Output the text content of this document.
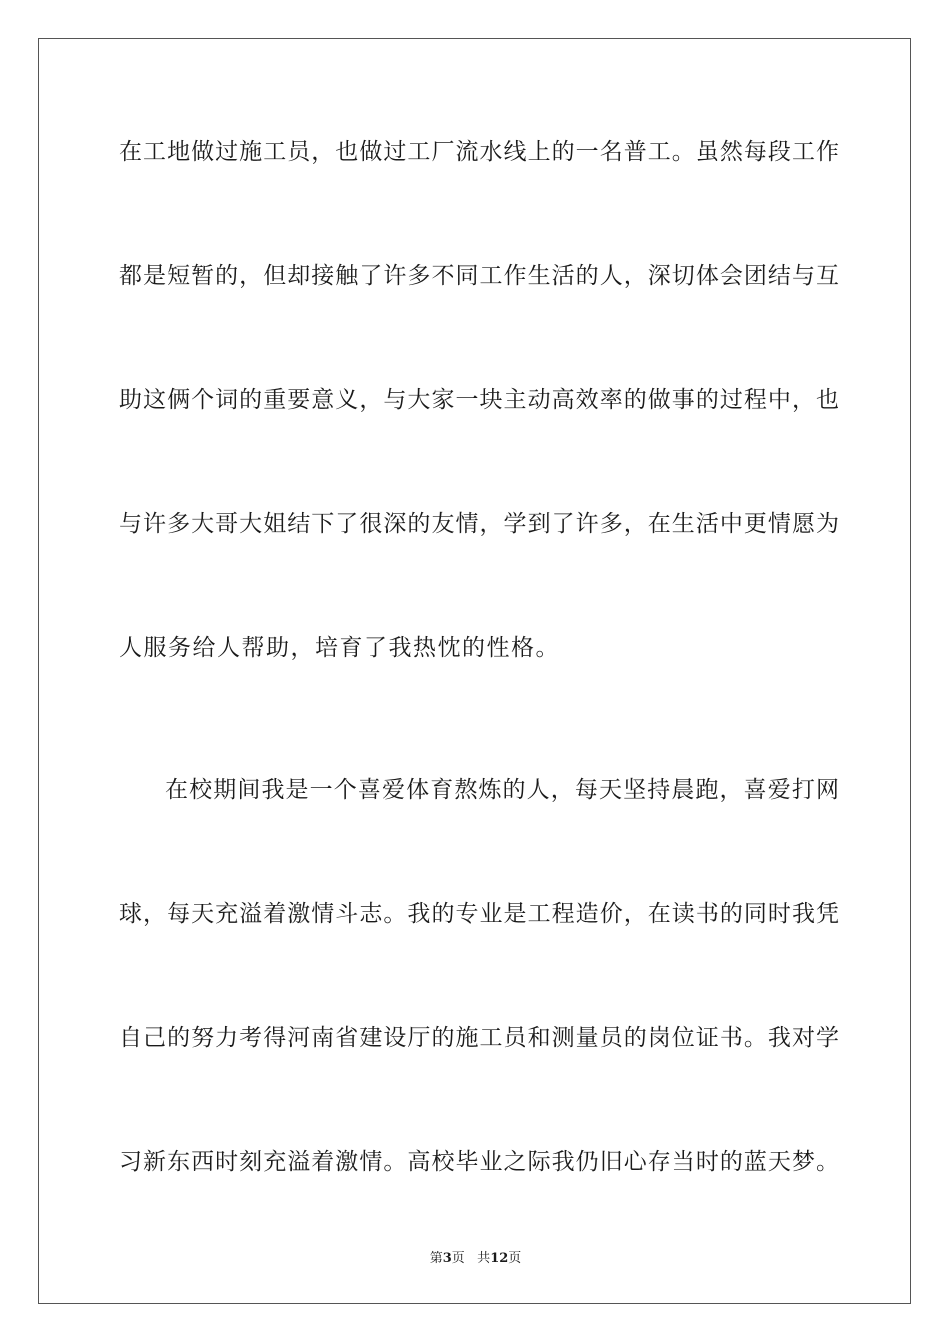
在工地做过施工员，也做过工厂流水线上的一名普工。虽然每段工作
都是短暂的，但却接触了许多不同工作生活的人，深切体会团结与互
助这俩个词的重要意义，与大家一块主动高效率的做事的过程中，也
与许多大哥大姐结下了很深的友情，学到了许多，在生活中更情愿为
人服务给人帮助，培育了我热忱的性格。
在校期间我是一个喜爱体育熬炼的人，每天坚持晨跑，喜爱打网
球，每天充溢着激情斗志。我的专业是工程造价，在读书的同时我凭
自己的努力考得河南省建设厅的施工员和测量员的岗位证书。我对学
习新东西时刻充溢着激情。高校毕业之际我仍旧心存当时的蓝天梦。
第3页 共12页
